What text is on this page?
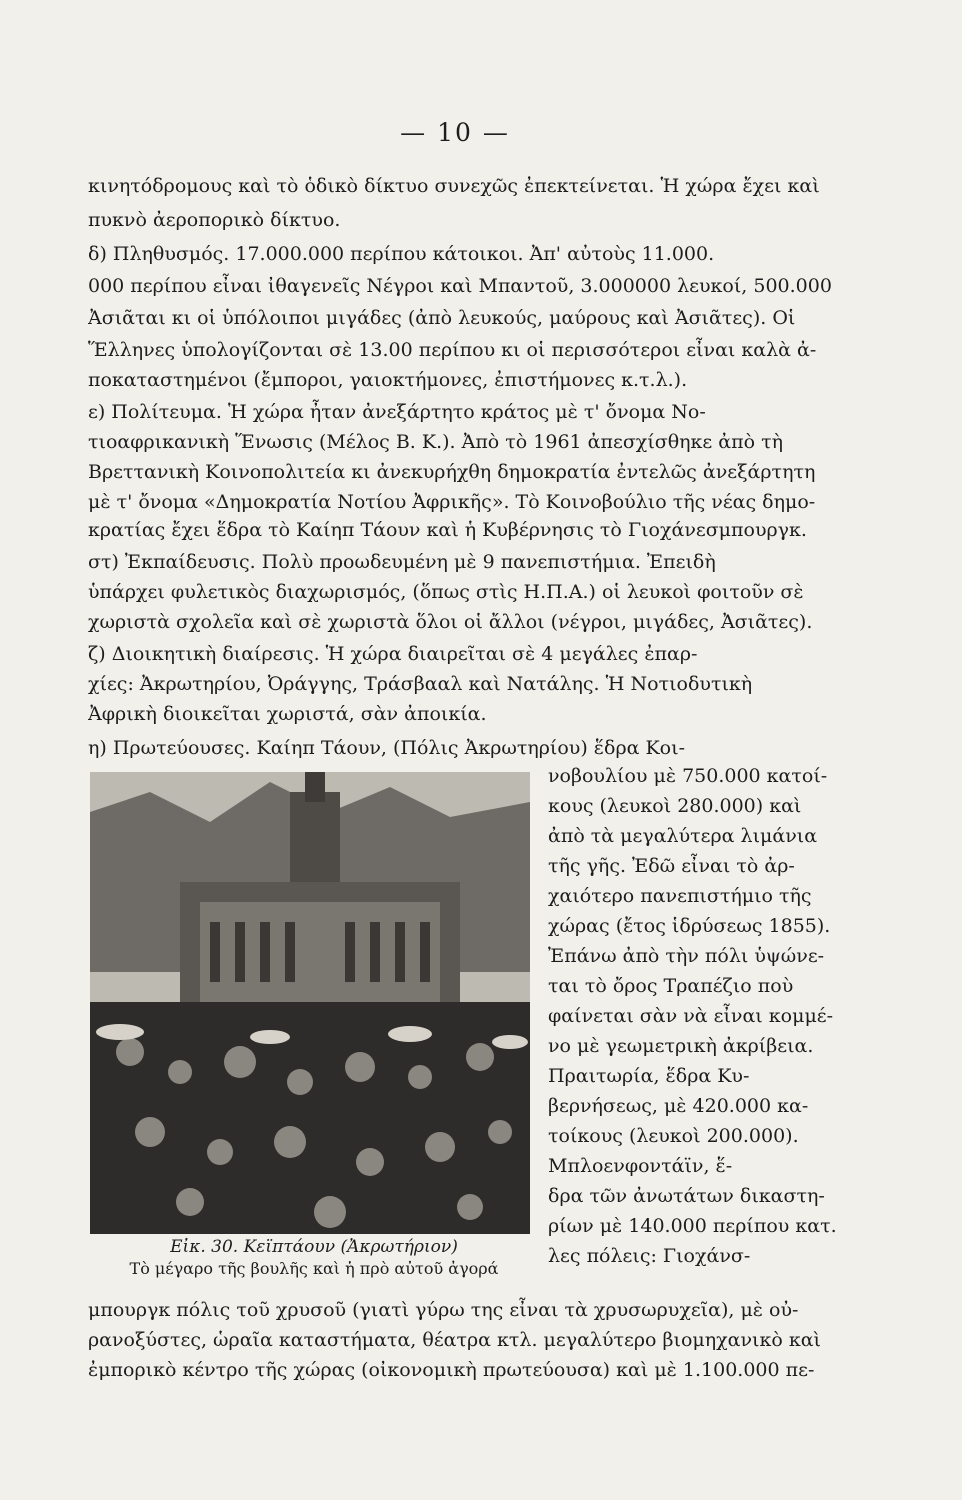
— 10 —
κινητόδρομους καὶ τὸ ὁδικὸ δίκτυο συνεχῶς ἐπεκτείνεται. Ἡ χώρα ἔχει καὶ
πυκνὸ ἀεροπορικὸ δίκτυο.
δ) Πληθυσμός. 17.000.000 περίπου κάτοικοι. Ἀπ' αὐτοὺς 11.000.
000 περίπου εἶναι ἰθαγενεῖς Νέγροι καὶ Μπαντοῦ, 3.000000 λευκοί, 500.000
Ἀσιᾶται κι οἱ ὑπόλοιποι μιγάδες (ἀπὸ λευκούς, μαύρους καὶ Ἀσιᾶτες). Οἱ
Ἕλληνες ὑπολογίζονται σὲ 13.00 περίπου κι οἱ περισσότεροι εἶναι καλὰ ἀ-
ποκαταστημένοι (ἔμποροι, γαιοκτήμονες, ἐπιστήμονες κ.τ.λ.).
ε) Πολίτευμα. Ἡ χώρα ἦταν ἀνεξάρτητο κράτος μὲ τ' ὄνομα Νο-
τιοαφρικανικὴ Ἕνωσις (Μέλος Β. Κ.). Ἀπὸ τὸ 1961 ἀπεσχίσθηκε ἀπὸ τὴ
Βρεττανικὴ Κοινοπολιτεία κι ἀνεκυρήχθη δημοκρατία ἐντελῶς ἀνεξάρτητη
μὲ τ' ὄνομα «Δημοκρατία Νοτίου Ἀφρικῆς». Τὸ Κοινοβούλιο τῆς νέας δημο-
κρατίας ἔχει ἕδρα τὸ Καίηπ Τάουν καὶ ἡ Κυβέρνησις τὸ Γιοχάνεσμπουργκ.
στ) Ἐκπαίδευσις. Πολὺ προωδευμένη μὲ 9 πανεπιστήμια. Ἐπειδὴ
ὑπάρχει φυλετικὸς διαχωρισμός, (ὅπως στὶς Η.Π.Α.) οἱ λευκοὶ φοιτοῦν σὲ
χωριστὰ σχολεῖα καὶ σὲ χωριστὰ ὅλοι οἱ ἄλλοι (νέγροι, μιγάδες, Ἀσιᾶτες).
ζ) Διοικητικὴ διαίρεσις. Ἡ χώρα διαιρεῖται σὲ 4 μεγάλες ἐπαρ-
χίες: Ἀκρωτηρίου, Ὀράγγης, Τράσβααλ καὶ Νατάλης. Ἡ Νοτιοδυτικὴ
Ἀφρικὴ διοικεῖται χωριστά, σὰν ἀποικία.
η) Πρωτεύουσες. Καίηπ Τάουν, (Πόλις Ἀκρωτηρίου) ἕδρα Κοι-
νοβουλίου μὲ 750.000 κατοί-
κους (λευκοὶ 280.000) καὶ
ἀπὸ τὰ μεγαλύτερα λιμάνια
τῆς γῆς. Ἐδῶ εἶναι τὸ ἀρ-
χαιότερο πανεπιστήμιο τῆς
χώρας (ἔτος ἱδρύσεως 1855).
Ἐπάνω ἀπὸ τὴν πόλι ὑψώνε-
ται τὸ ὄρος Τραπέζιο ποὺ
φαίνεται σὰν νὰ εἶναι κομμέ-
νο μὲ γεωμετρικὴ ἀκρίβεια.
Πραιτωρία, ἕδρα Κυ-
βερνήσεως, μὲ 420.000 κα-
τοίκους (λευκοὶ 200.000).
Μπλοενφοντάϊν, ἕ-
δρα τῶν ἀνωτάτων δικαστη-
ρίων μὲ 140.000 περίπου κατ.
λες πόλεις: Γιοχάνσ-
Εἰκ. 30. Κεϊπτάουν (Ἀκρωτήριον)
Τὸ μέγαρο τῆς βουλῆς καὶ ἡ πρὸ αὐτοῦ ἀγορά
μπουργκ πόλις τοῦ χρυσοῦ (γιατὶ γύρω της εἶναι τὰ χρυσωρυχεῖα), μὲ οὐ-
ρανοξύστες, ὡραῖα καταστήματα, θέατρα κτλ. μεγαλύτερο βιομηχανικὸ καὶ
ἐμπορικὸ κέντρο τῆς χώρας (οἰκονομικὴ πρωτεύουσα) καὶ μὲ 1.100.000 πε-
